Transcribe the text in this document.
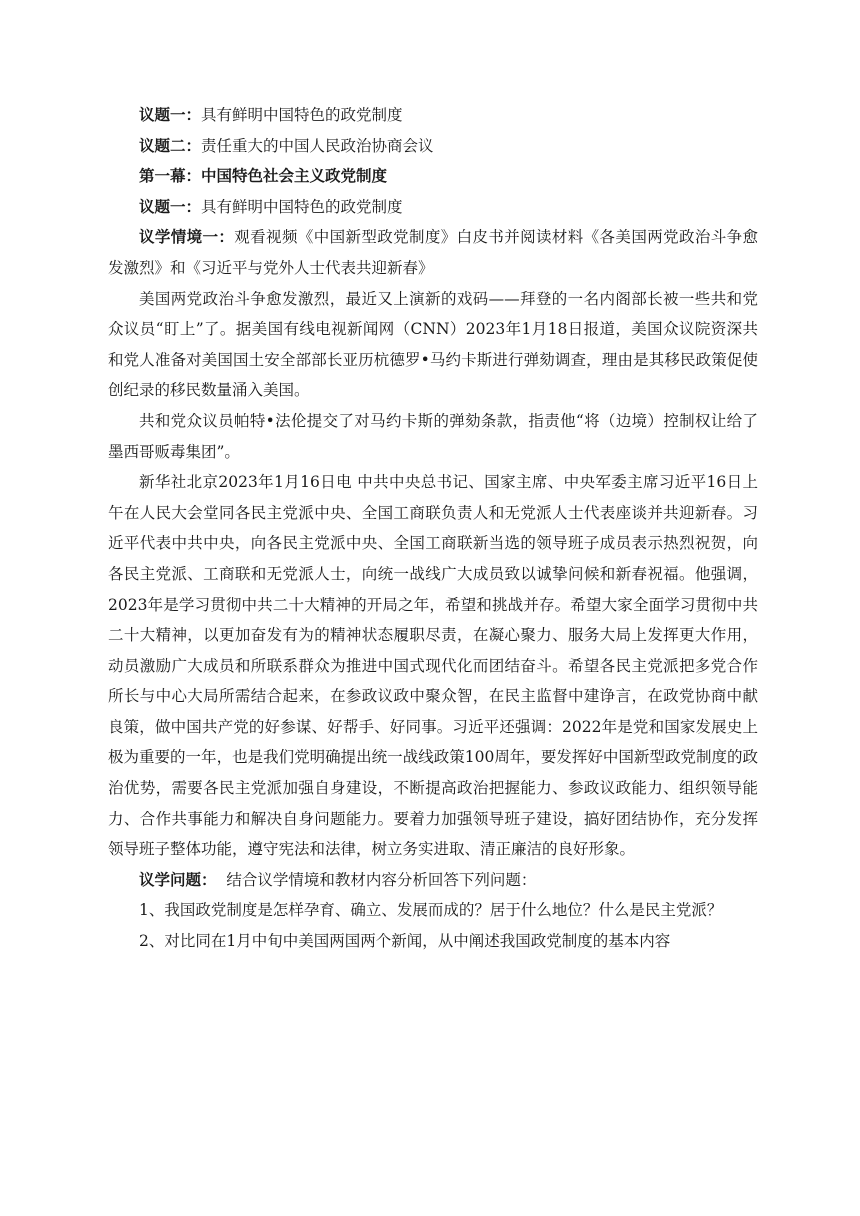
议题一：具有鲜明中国特色的政党制度

议题二：责任重大的中国人民政治协商会议

第一幕：中国特色社会主义政党制度

议题一：具有鲜明中国特色的政党制度

议学情境一：观看视频《中国新型政党制度》白皮书并阅读材料《各美国两党政治斗争愈发激烈》和《习近平与党外人士代表共迎新春》

美国两党政治斗争愈发激烈，最近又上演新的戏码——拜登的一名内阁部长被一些共和党众议员“盯上”了。据美国有线电视新闻网（CNN）2023年1月18日报道，美国众议院资深共和党人准备对美国国土安全部部长亚历杭德罗•马约卡斯进行弹劾调查，理由是其移民政策促使创纪录的移民数量涌入美国。

共和党众议员帕特•法伦提交了对马约卡斯的弹劾条款，指责他“将（边境）控制权让给了墨西哥贩毒集团”。

新华社北京2023年1月16日电 中共中央总书记、国家主席、中央军委主席习近平16日上午在人民大会堂同各民主党派中央、全国工商联负责人和无党派人士代表座谈并共迎新春。习近平代表中共中央，向各民主党派中央、全国工商联新当选的领导班子成员表示热烈祝贺，向各民主党派、工商联和无党派人士，向统一战线广大成员致以诚挚问候和新春祝福。他强调，2023年是学习贯彻中共二十大精神的开局之年，希望和挑战并存。希望大家全面学习贯彻中共二十大精神，以更加奋发有为的精神状态履职尽责，在凝心聚力、服务大局上发挥更大作用，动员激励广大成员和所联系群众为推进中国式现代化而团结奋斗。希望各民主党派把多党合作所长与中心大局所需结合起来，在参政议政中聚众智，在民主监督中建诤言，在政党协商中献良策，做中国共产党的好参谋、好帮手、好同事。习近平还强调：2022年是党和国家发展史上极为重要的一年，也是我们党明确提出统一战线政策100周年，要发挥好中国新型政党制度的政治优势，需要各民主党派加强自身建设，不断提高政治把握能力、参政议政能力、组织领导能力、合作共事能力和解决自身问题能力。要着力加强领导班子建设，搞好团结协作，充分发挥领导班子整体功能，遵守宪法和法律，树立务实进取、清正廉洁的良好形象。

议学问题： 结合议学情境和教材内容分析回答下列问题：

1、我国政党制度是怎样孕育、确立、发展而成的？居于什么地位？什么是民主党派？

2、对比同在1月中旬中美国两国两个新闻，从中阐述我国政党制度的基本内容
